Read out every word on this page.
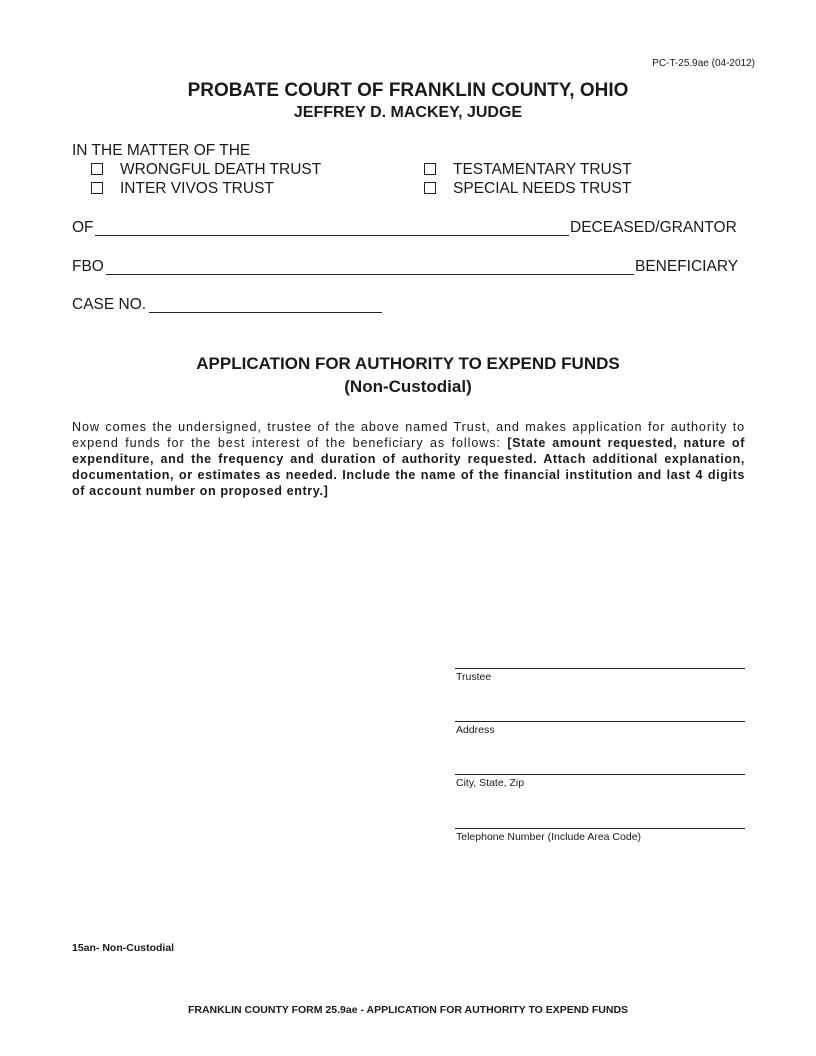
PC-T-25.9ae (04-2012)
PROBATE COURT OF FRANKLIN COUNTY, OHIO
JEFFREY D. MACKEY, JUDGE
IN THE MATTER OF THE
WRONGFUL DEATH TRUST
INTER VIVOS TRUST
TESTAMENTARY TRUST
SPECIAL NEEDS TRUST
OF	DECEASED/GRANTOR
FBO	BENEFICIARY
CASE NO.
APPLICATION FOR AUTHORITY TO EXPEND FUNDS
(Non-Custodial)
Now comes the undersigned, trustee of the above named Trust, and makes application for authority to expend funds for the best interest of the beneficiary as follows: [State amount requested, nature of expenditure, and the frequency and duration of authority requested. Attach additional explanation, documentation, or estimates as needed. Include the name of the financial institution and last 4 digits of account number on proposed entry.]
Trustee
Address
City, State, Zip
Telephone Number (Include Area Code)
15an- Non-Custodial
FRANKLIN COUNTY FORM 25.9ae - APPLICATION FOR AUTHORITY TO EXPEND FUNDS
